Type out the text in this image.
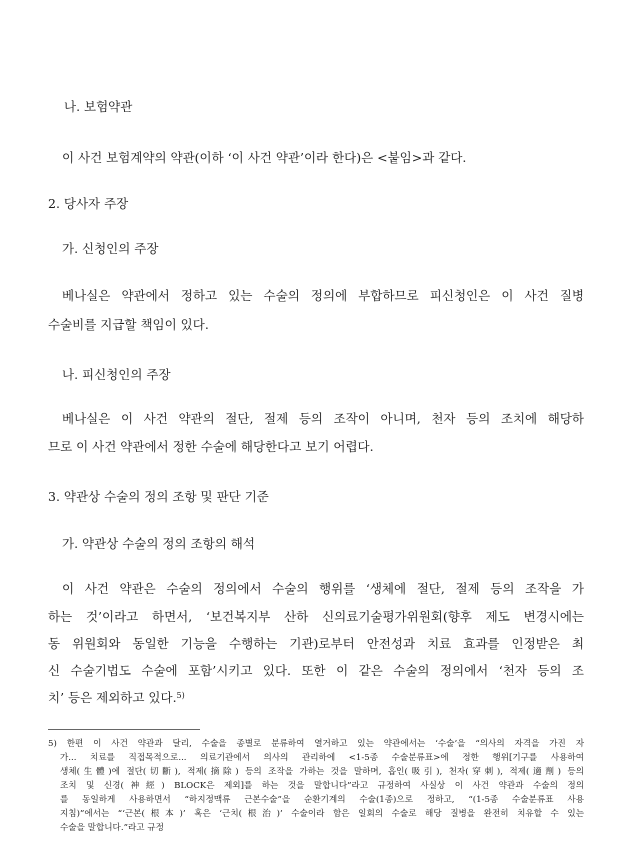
나. 보험약관
이 사건 보험계약의 약관(이하 ‘이 사건 약관’이라 한다)은 <붙임>과 같다.
2. 당사자 주장
가. 신청인의 주장
베나실은 약관에서 정하고 있는 수술의 정의에 부합하므로 피신청인은 이 사건 질병
수술비를 지급할 책임이 있다.
나. 피신청인의 주장
베나실은 이 사건 약관의 절단, 절제 등의 조작이 아니며, 천자 등의 조치에 해당하
므로 이 사건 약관에서 정한 수술에 해당한다고 보기 어렵다.
3. 약관상 수술의 정의 조항 및 판단 기준
가. 약관상 수술의 정의 조항의 해석
이 사건 약관은 수술의 정의에서 수술의 행위를 ‘생체에 절단, 절제 등의 조작을 가
하는 것’이라고 하면서, ‘보건복지부 산하 신의료기술평가위원회(향후 제도 변경시에는
동 위원회와 동일한 기능을 수행하는 기관)로부터 안전성과 치료 효과를 인정받은 최
신 수술기법도 수술에 포함’시키고 있다. 또한 이 같은 수술의 정의에서 ‘천자 등의 조
치’ 등은 제외하고 있다.$^{5)}$
5) 한편 이 사건 약관과 달리, 수술을 종별로 분류하여 열거하고 있는 약관에서는 ‘수술’을 “의사의 자격을 가진 자
가... 치료를 직접목적으로... 의료기관에서 의사의 관리하에 <1-5종 수술분류표>에 정한 행위[기구를 사용하여
생체(生體)에 절단(切斷), 적제(摘除) 등의 조작을 가하는 것을 말하며, 흡인(吸引), 천자(穿刺), 적제(適劑) 등의
조치 및 신경(神經) BLOCK은 제외]를 하는 것을 말합니다”라고 규정하여 사실상 이 사건 약관과 수술의 정의
를 동일하게 사용하면서 “하지정맥류 근본수술”을 순환기계의 수술(1종)으로 정하고, “(1-5종 수술분류표 사용
지침)”에서는 “‘근본(根本)’ 혹은 ‘근치(根治)’ 수술이라 함은 일회의 수술로 해당 질병을 완전히 치유할 수 있는
수술을 말합니다.”라고 규정
